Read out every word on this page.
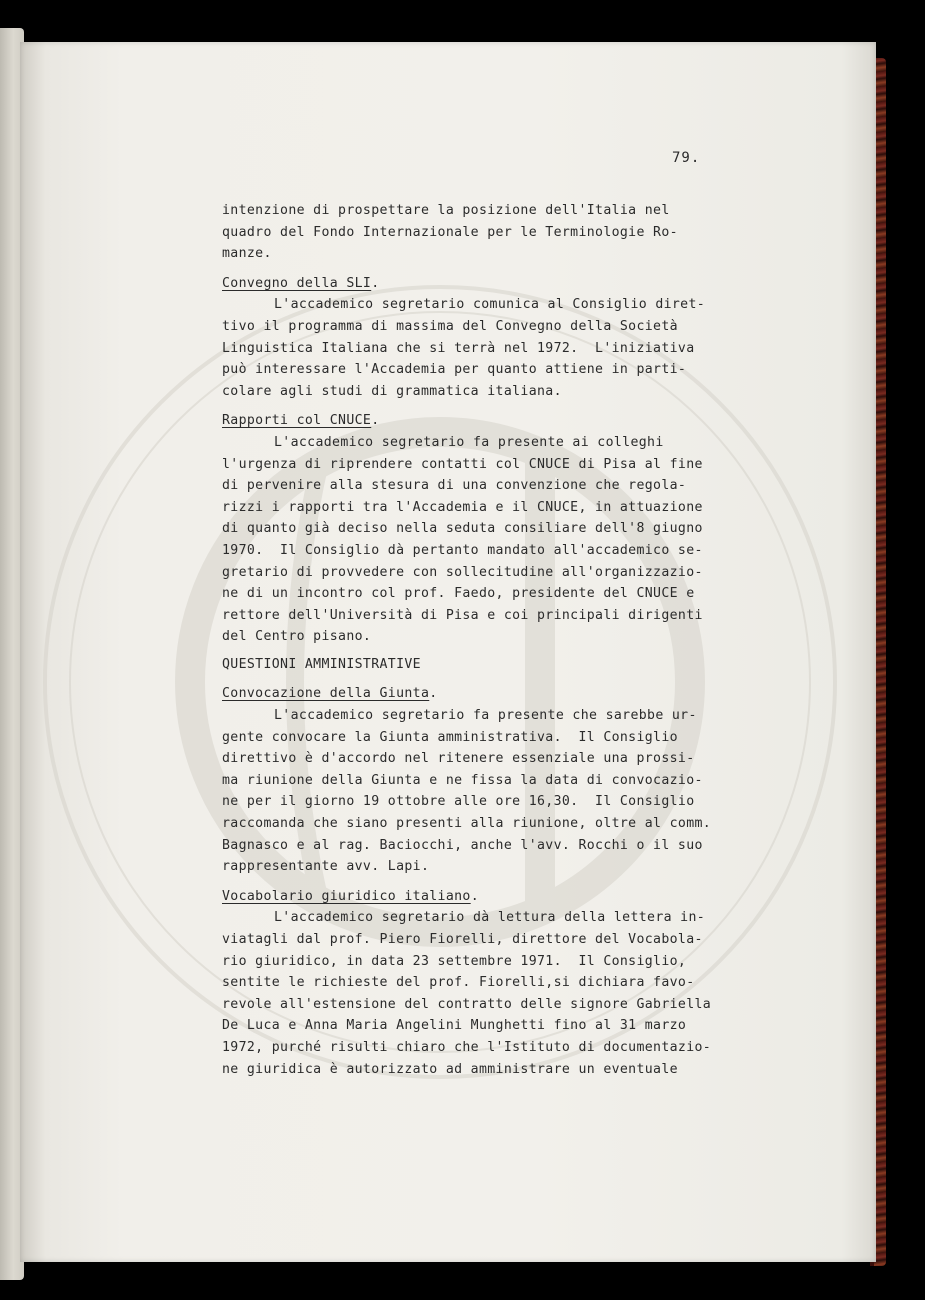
79.
intenzione di prospettare la posizione dell'Italia nel
quadro del Fondo Internazionale per le Terminologie Ro-
manze.
Convegno della SLI.
L'accademico segretario comunica al Consiglio diret-
tivo il programma di massima del Convegno della Società
Linguistica Italiana che si terrà nel 1972.  L'iniziativa
può interessare l'Accademia per quanto attiene in parti-
colare agli studi di grammatica italiana.
Rapporti col CNUCE.
L'accademico segretario fa presente ai colleghi
l'urgenza di riprendere contatti col CNUCE di Pisa al fine
di pervenire alla stesura di una convenzione che regola-
rizzi i rapporti tra l'Accademia e il CNUCE, in attuazione
di quanto già deciso nella seduta consiliare dell'8 giugno
1970.  Il Consiglio dà pertanto mandato all'accademico se-
gretario di provvedere con sollecitudine all'organizzazio-
ne di un incontro col prof. Faedo, presidente del CNUCE e
rettore dell'Università di Pisa e coi principali dirigenti
del Centro pisano.
QUESTIONI AMMINISTRATIVE
Convocazione della Giunta.
L'accademico segretario fa presente che sarebbe ur-
gente convocare la Giunta amministrativa.  Il Consiglio
direttivo è d'accordo nel ritenere essenziale una prossi-
ma riunione della Giunta e ne fissa la data di convocazio-
ne per il giorno 19 ottobre alle ore 16,30.  Il Consiglio
raccomanda che siano presenti alla riunione, oltre al comm.
Bagnasco e al rag. Baciocchi, anche l'avv. Rocchi o il suo
rappresentante avv. Lapi.
Vocabolario giuridico italiano.
L'accademico segretario dà lettura della lettera in-
viatagli dal prof. Piero Fiorelli, direttore del Vocabola-
rio giuridico, in data 23 settembre 1971.  Il Consiglio,
sentite le richieste del prof. Fiorelli,si dichiara favo-
revole all'estensione del contratto delle signore Gabriella
De Luca e Anna Maria Angelini Munghetti fino al 31 marzo
1972, purché risulti chiaro che l'Istituto di documentazio-
ne giuridica è autorizzato ad amministrare un eventuale
